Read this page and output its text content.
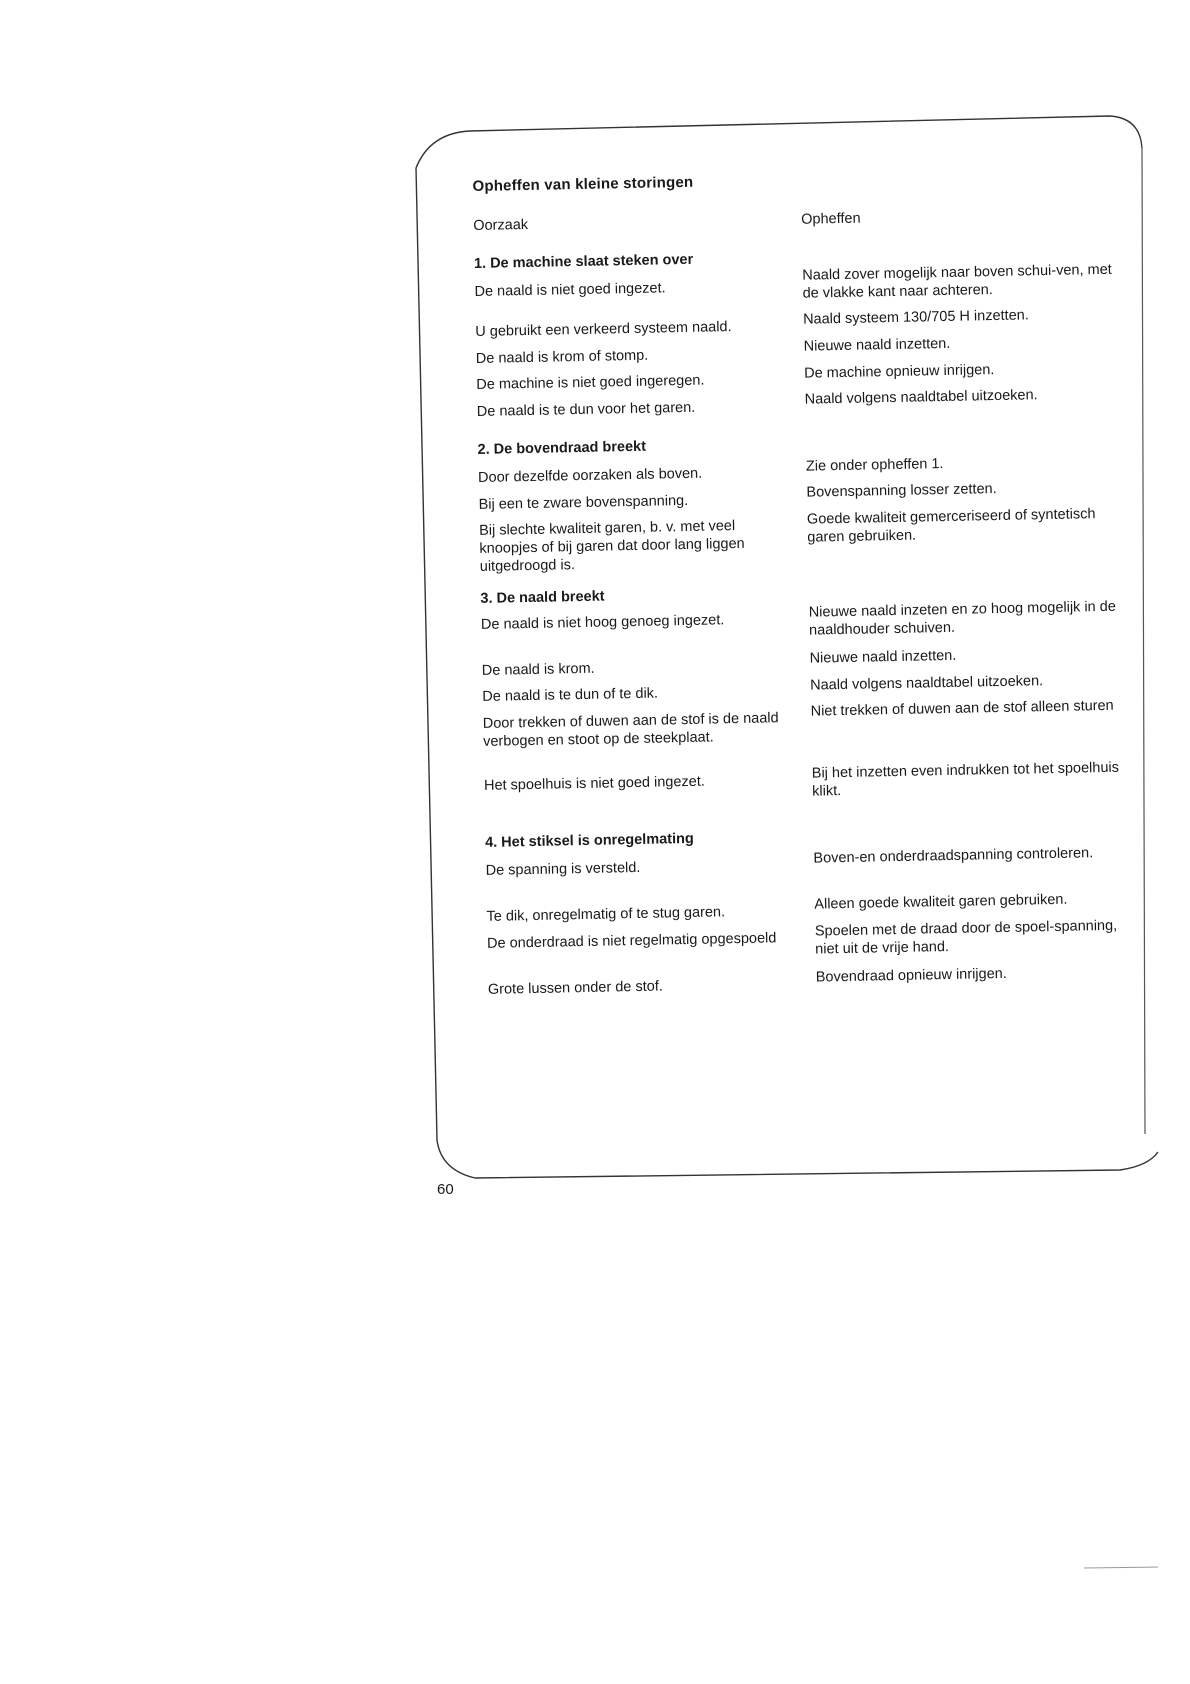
Opheffen van kleine storingen
Oorzaak	Opheffen
1. De machine slaat steken over
De naald is niet goed ingezet.
Naald zover mogelijk naar boven schui-ven, met de vlakke kant naar achteren.
U gebruikt een verkeerd systeem naald.
Naald systeem 130/705 H inzetten.
De naald is krom of stomp.
Nieuwe naald inzetten.
De machine is niet goed ingeregen.
De machine opnieuw inrijgen.
De naald is te dun voor het garen.
Naald volgens naaldtabel uitzoeken.
2. De bovendraad breekt
Door dezelfde oorzaken als boven.
Zie onder opheffen 1.
Bij een te zware bovenspanning.
Bovenspanning losser zetten.
Bij slechte kwaliteit garen, b. v. met veel knoopjes of bij garen dat door lang liggen uitgedroogd is.
Goede kwaliteit gemerceriseerd of syntetisch garen gebruiken.
3. De naald breekt
De naald is niet hoog genoeg ingezet.
Nieuwe naald inzeten en zo hoog mogelijk in de naaldhouder schuiven.
De naald is krom.
Nieuwe naald inzetten.
De naald is te dun of te dik.
Naald volgens naaldtabel uitzoeken.
Door trekken of duwen aan de stof is de naald verbogen en stoot op de steekplaat.
Niet trekken of duwen aan de stof alleen sturen
Het spoelhuis is niet goed ingezet.
Bij het inzetten even indrukken tot het spoelhuis klikt.
4. Het stiksel is onregelmating
De spanning is versteld.
Boven-en onderdraadspanning controleren.
Te dik, onregelmatig of te stug garen.
Alleen goede kwaliteit garen gebruiken.
De onderdraad is niet regelmatig opgespoeld
Spoelen met de draad door de spoel-spanning, niet uit de vrije hand.
Grote lussen onder de stof.
Bovendraad opnieuw inrijgen.
60
